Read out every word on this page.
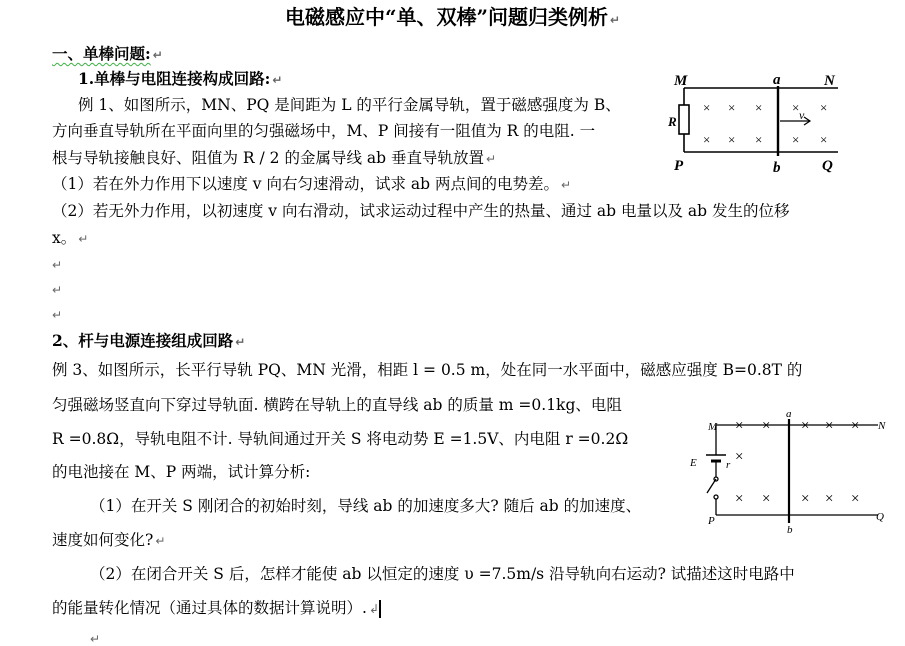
电磁感应中“单、双棒”问题归类例析 ↵
一、单棒问题: ↵
1.单棒与电阻连接构成回路: ↵
例 1、如图所示，MN、PQ 是间距为 L 的平行金属导轨，置于磁感强度为 B、
方向垂直导轨所在平面向里的匀强磁场中，M、P 间接有一阻值为 R 的电阻. 一
根与导轨接触良好、阻值为 R / 2 的金属导线 ab 垂直导轨放置 ↵
（1）若在外力作用下以速度 v 向右匀速滑动，试求 ab 两点间的电势差。 ↵
（2）若无外力作用，以初速度 v 向右滑动，试求运动过程中产生的热量、通过 ab 电量以及 ab 发生的位移
x。 ↵
↵
↵
↵
× × × × ×
× × × × ×
M	a	N
R	v
P	b	Q
2、杆与电源连接组成回路 ↵
例 3、如图所示，长平行导轨 PQ、MN 光滑，相距 l = 0.5 m，处在同一水平面中，磁感应强度 B=0.8T 的
匀强磁场竖直向下穿过导轨面. 横跨在导轨上的直导线 ab 的质量 m =0.1kg、电阻
R =0.8Ω，导轨电阻不计. 导轨间通过开关 S 将电动势 E =1.5V、内电阻 r =0.2Ω
的电池接在 M、P 两端，试计算分析:
（1）在开关 S 刚闭合的初始时刻，导线 ab 的加速度多大? 随后 ab 的加速度、
速度如何变化? ↵
（2）在闭合开关 S 后，怎样才能使 ab 以恒定的速度 υ =7.5m/s 沿导轨向右运动? 试描述这时电路中
的能量转化情况（通过具体的数据计算说明）. ↲
↵
× × × × ×
×
× × × × ×
M
a
N
E	r
P
b
Q
